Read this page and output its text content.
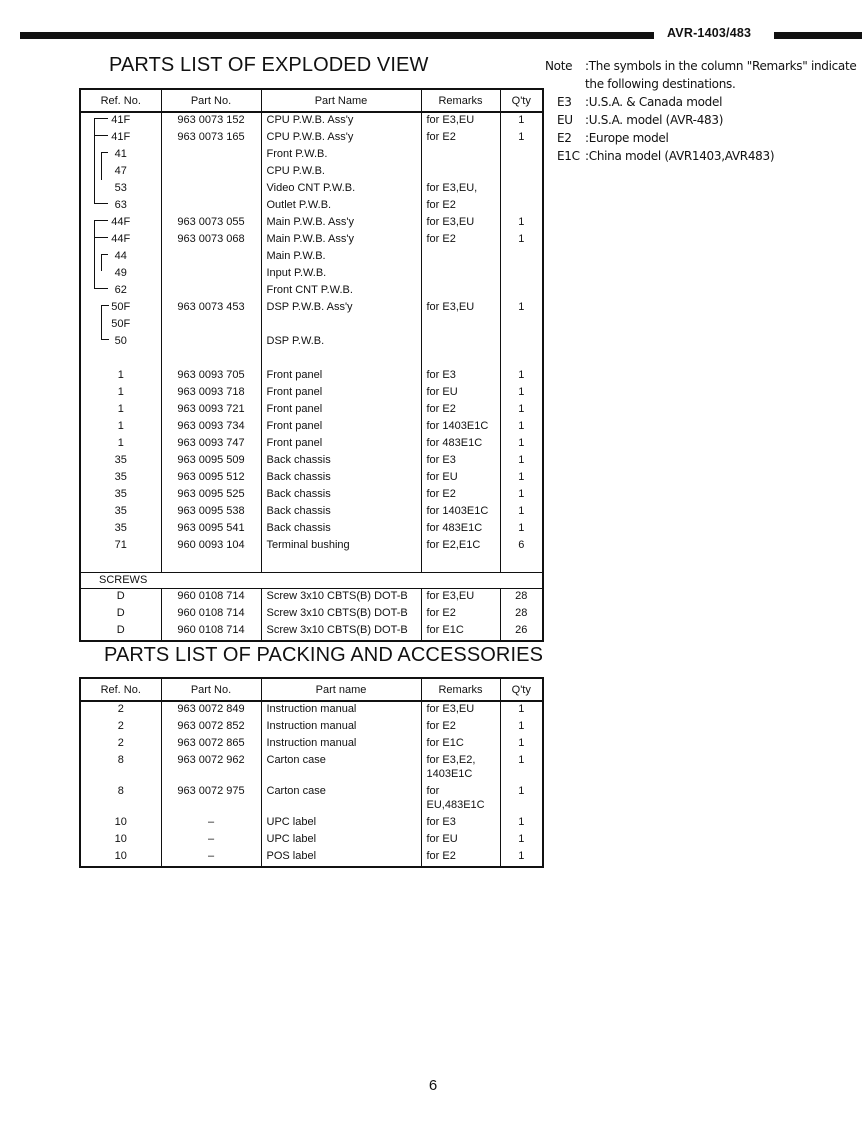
AVR-1403/483
PARTS LIST OF EXPLODED VIEW
Ref. No.	Part No.	Part Name	Remarks	Q'ty
41F	963 0073 152	CPU P.W.B. Ass'y	for E3,EU	1
41F	963 0073 165	CPU P.W.B. Ass'y	for E2	1
41		Front P.W.B.		
47		CPU P.W.B.		
53		Video CNT P.W.B.	for E3,EU,	
63		Outlet P.W.B.	for E2	
44F	963 0073 055	Main P.W.B. Ass'y	for E3,EU	1
44F	963 0073 068	Main P.W.B. Ass'y	for E2	1
44		Main P.W.B.		
49		Input P.W.B.		
62		Front CNT P.W.B.		
50F	963 0073 453	DSP P.W.B. Ass'y	for E3,EU	1
50F				
50		DSP P.W.B.		

1	963 0093 705	Front panel	for E3	1
1	963 0093 718	Front panel	for EU	1
1	963 0093 721	Front panel	for E2	1
1	963 0093 734	Front panel	for 1403E1C	1
1	963 0093 747	Front panel	for 483E1C	1
35	963 0095 509	Back chassis	for E3	1
35	963 0095 512	Back chassis	for EU	1
35	963 0095 525	Back chassis	for E2	1
35	963 0095 538	Back chassis	for 1403E1C	1
35	963 0095 541	Back chassis	for 483E1C	1
71	960 0093 104	Terminal bushing	for E2,E1C	6

SCREWS				
D	960 0108 714	Screw 3x10 CBTS(B) DOT-B	for E3,EU	28
D	960 0108 714	Screw 3x10 CBTS(B) DOT-B	for E2	28
D	960 0108 714	Screw 3x10 CBTS(B) DOT-B	for E1C	26
PARTS LIST OF PACKING AND ACCESSORIES
Ref. No.	Part No.	Part name	Remarks	Q'ty
2	963 0072 849	Instruction manual	for E3,EU	1
2	963 0072 852	Instruction manual	for E2	1
2	963 0072 865	Instruction manual	for E1C	1
8	963 0072 962	Carton case	for E3,E2, 1403E1C	1
8	963 0072 975	Carton case	for EU,483E1C	1
10	–	UPC label	for E3	1
10	–	UPC label	for EU	1
10	–	POS label	for E2	1
Note	:The symbols in the column "Remarks" indicate
the following destinations.
E3	:U.S.A. & Canada model
EU	:U.S.A. model (AVR-483)
E2	:Europe model
E1C :China model (AVR1403,AVR483)
6
